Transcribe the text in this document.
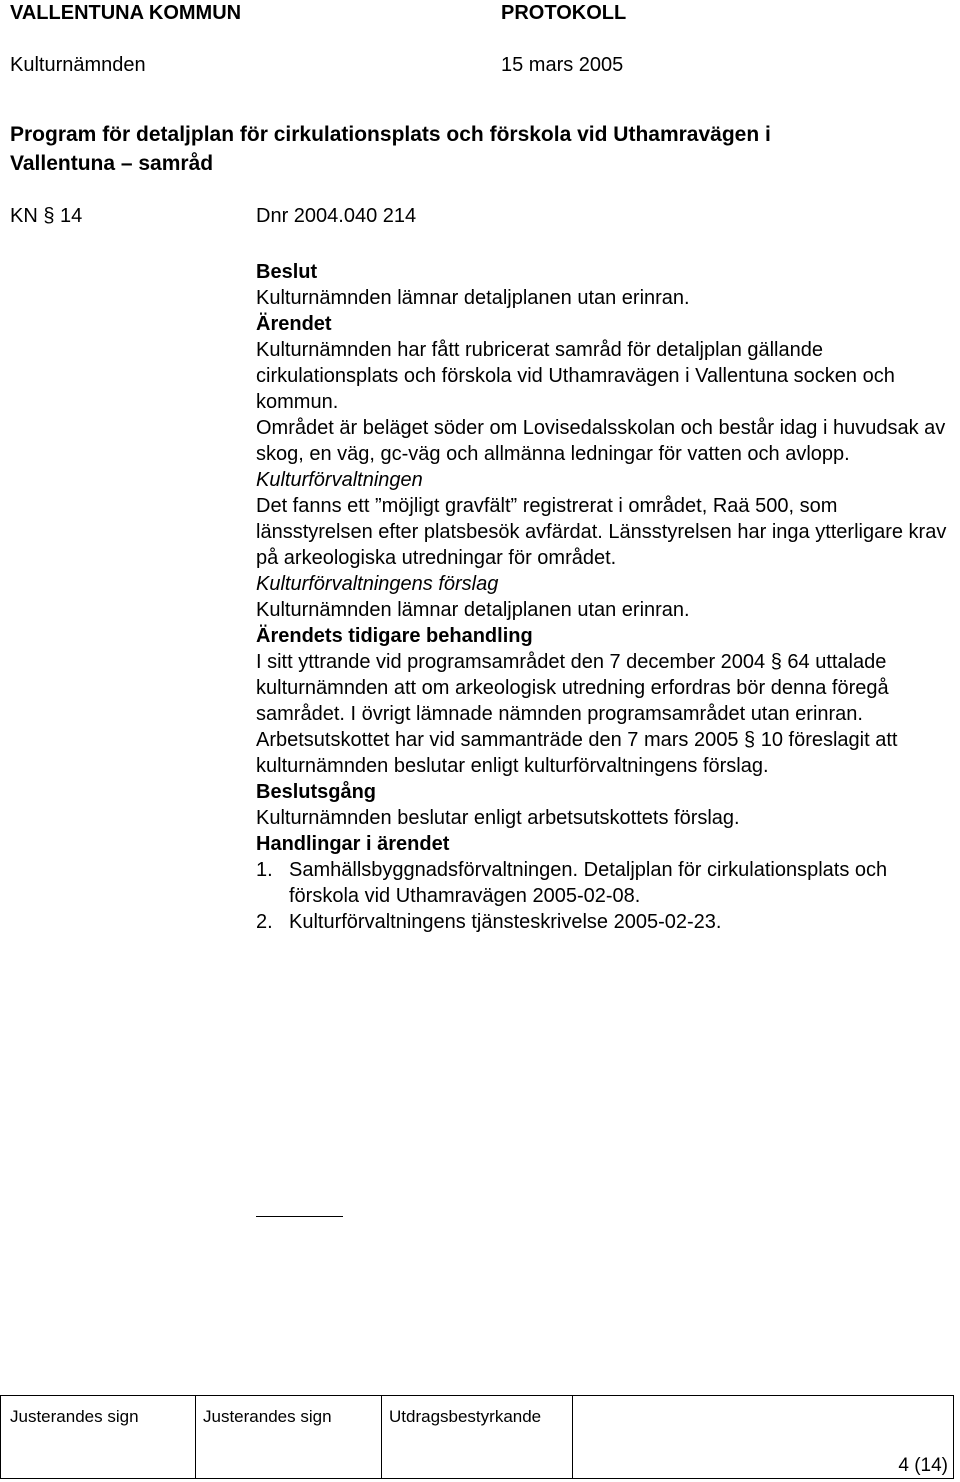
VALLENTUNA KOMMUN	PROTOKOLL
Kulturnämnden	15 mars 2005
Program för detaljplan för cirkulationsplats och förskola vid Uthamravägen i
Vallentuna – samråd
KN § 14	Dnr 2004.040 214

Beslut

Kulturnämnden lämnar detaljplanen utan erinran.

Ärendet

Kulturnämnden har fått rubricerat samråd för detaljplan gällande cirkulationsplats och förskola vid Uthamravägen i Vallentuna socken och kommun.

Området är beläget söder om Lovisedalsskolan och består idag i huvudsak av skog, en väg, gc-väg och allmänna ledningar för vatten och avlopp.

Kulturförvaltningen

Det fanns ett ”möjligt gravfält” registrerat i området, Raä 500, som länsstyrelsen efter platsbesök avfärdat. Länsstyrelsen har inga ytterligare krav på arkeologiska utredningar för området.

Kulturförvaltningens förslag

Kulturnämnden lämnar detaljplanen utan erinran.

Ärendets tidigare behandling

I sitt yttrande vid programsamrådet den 7 december 2004 § 64 uttalade kulturnämnden att om arkeologisk utredning erfordras bör denna föregå samrådet. I övrigt lämnade nämnden programsamrådet utan erinran.

Arbetsutskottet har vid sammanträde den 7 mars 2005 § 10 föreslagit att kulturnämnden beslutar enligt kulturförvaltningens förslag.

Beslutsgång

Kulturnämnden beslutar enligt arbetsutskottets förslag.

Handlingar i ärendet

1. Samhällsbyggnadsförvaltningen. Detaljplan för cirkulationsplats och förskola vid Uthamravägen 2005-02-08.
2. Kulturförvaltningens tjänsteskrivelse 2005-02-23.
Justerandes sign	Justerandes sign	Utdragsbestyrkande
4 (14)
